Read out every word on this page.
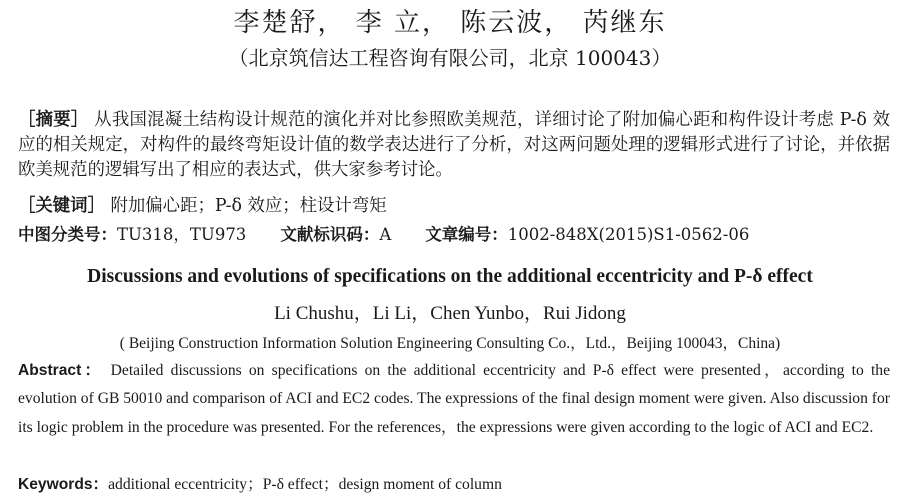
李楚舒， 李 立， 陈云波， 芮继东
（北京筑信达工程咨询有限公司，北京 100043）
［摘要］ 从我国混凝土结构设计规范的演化并对比参照欧美规范，详细讨论了附加偏心距和构件设计考虑 P-δ 效应的相关规定，对构件的最终弯矩设计值的数学表达进行了分析，对这两问题处理的逻辑形式进行了讨论，并依据欧美规范的逻辑写出了相应的表达式，供大家参考讨论。
［关键词］ 附加偏心距；P-δ 效应；柱设计弯矩
中图分类号：TU318，TU973 文献标识码：A 文章编号：1002-848X(2015)S1-0562-06
Discussions and evolutions of specifications on the additional eccentricity and P-δ effect
Li Chushu，Li Li，Chen Yunbo，Rui Jidong
( Beijing Construction Information Solution Engineering Consulting Co.，Ltd.，Beijing 100043，China)
Abstract： Detailed discussions on specifications on the additional eccentricity and P-δ effect were presented，according to the evolution of GB 50010 and comparison of ACI and EC2 codes. The expressions of the final design moment were given. Also discussion for its logic problem in the procedure was presented. For the references，the expressions were given according to the logic of ACI and EC2.
Keywords：additional eccentricity；P-δ effect；design moment of column
